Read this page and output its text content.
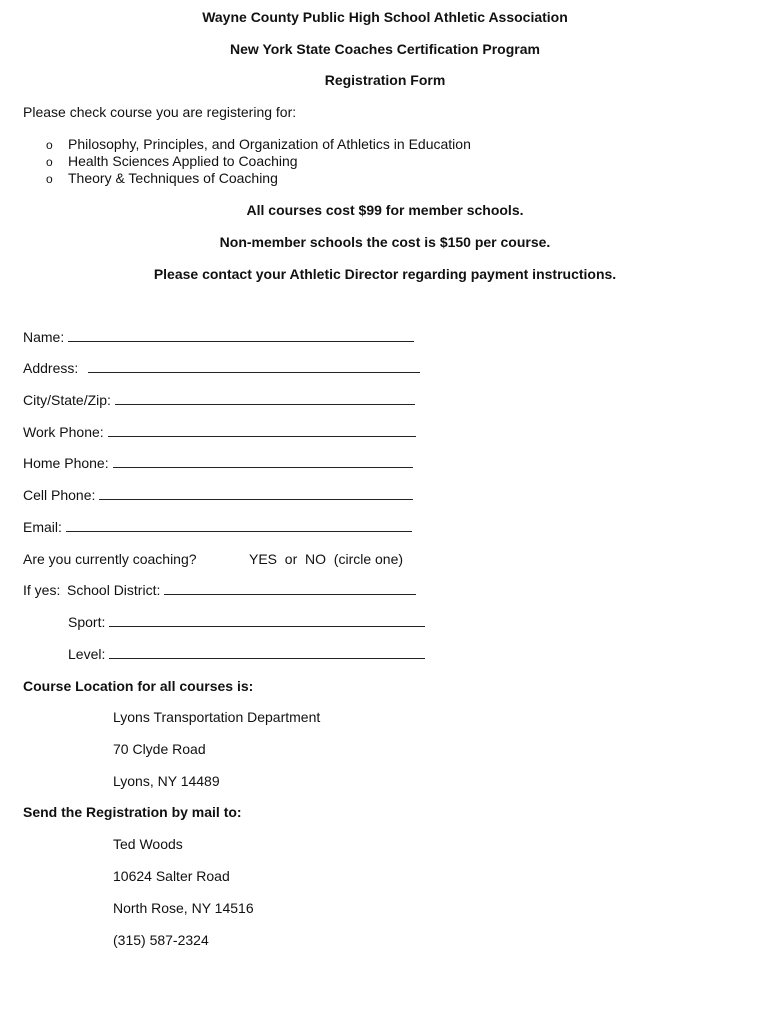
Wayne County Public High School Athletic Association
New York State Coaches Certification Program
Registration Form
Please check course you are registering for:
o Philosophy, Principles, and Organization of Athletics in Education
o Health Sciences Applied to Coaching
o Theory & Techniques of Coaching
All courses cost $99 for member schools.
Non-member schools the cost is $150 per course.
Please contact your Athletic Director regarding payment instructions.
Name:
Address:
City/State/Zip:
Work Phone:
Home Phone:
Cell Phone:
Email:
Are you currently coaching?	YES  or  NO  (circle one)
If yes: School District:
Sport:
Level:
Course Location for all courses is:
Lyons Transportation Department
70 Clyde Road
Lyons, NY 14489
Send the Registration by mail to:
Ted Woods
10624 Salter Road
North Rose, NY 14516
(315) 587-2324
